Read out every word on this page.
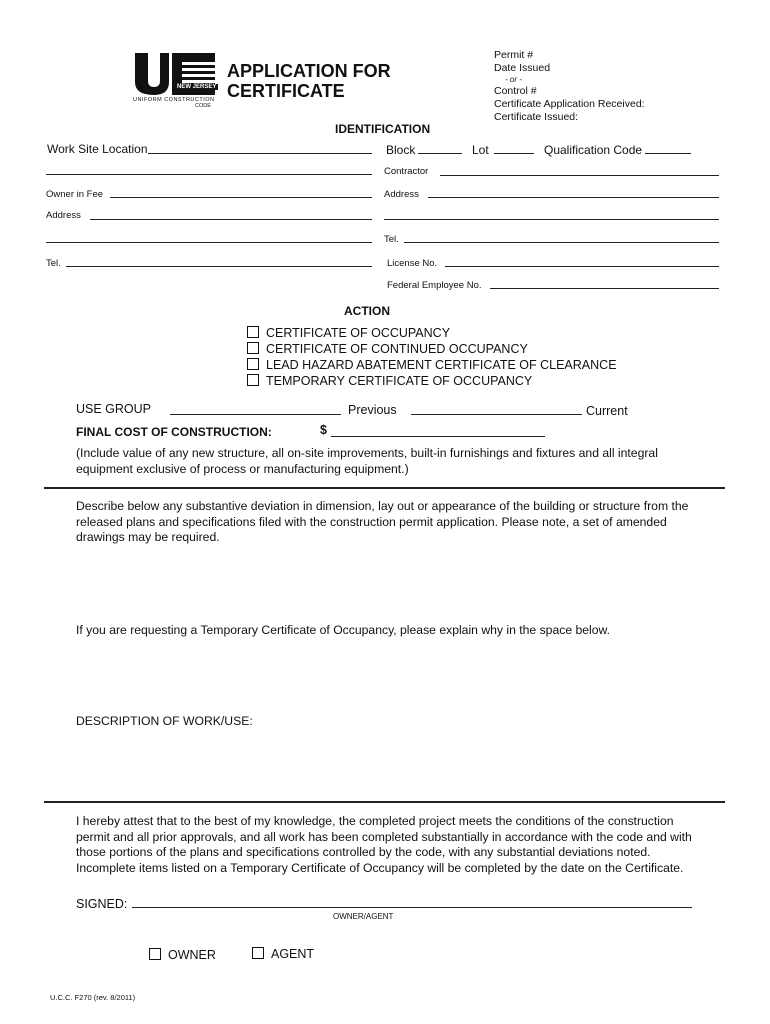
NEW JERSEY
UNIFORM CONSTRUCTION
CODE
APPLICATION FOR
CERTIFICATE
Permit #
Date Issued
- or -
Control #
Certificate Application Received:
Certificate Issued:
IDENTIFICATION
Work Site Location	Block	Lot	Qualification Code
Contractor
Owner in Fee	Address
Address
Tel.
Tel.	License No.
Federal Employee No.
ACTION
CERTIFICATE OF OCCUPANCY
CERTIFICATE OF CONTINUED OCCUPANCY
LEAD HAZARD ABATEMENT CERTIFICATE OF CLEARANCE
TEMPORARY CERTIFICATE OF OCCUPANCY
USE GROUP	Previous	Current
FINAL COST OF CONSTRUCTION:	$
(Include value of any new structure, all on-site improvements, built-in furnishings and fixtures and all integral equipment exclusive of process or manufacturing equipment.)
Describe below any substantive deviation in dimension, lay out or appearance of the building or structure from the released plans and specifications filed with the construction permit application. Please note, a set of amended drawings may be required.
If you are requesting a Temporary Certificate of Occupancy, please explain why in the space below.
DESCRIPTION OF WORK/USE:
I hereby attest that to the best of my knowledge, the completed project meets the conditions of the construction permit and all prior approvals, and all work has been completed substantially in accordance with the code and with those portions of the plans and specifications controlled by the code, with any substantial deviations noted. Incomplete items listed on a Temporary Certificate of Occupancy will be completed by the date on the Certificate.
SIGNED:
OWNER/AGENT
OWNER	AGENT
U.C.C. F270 (rev. 8/2011)
